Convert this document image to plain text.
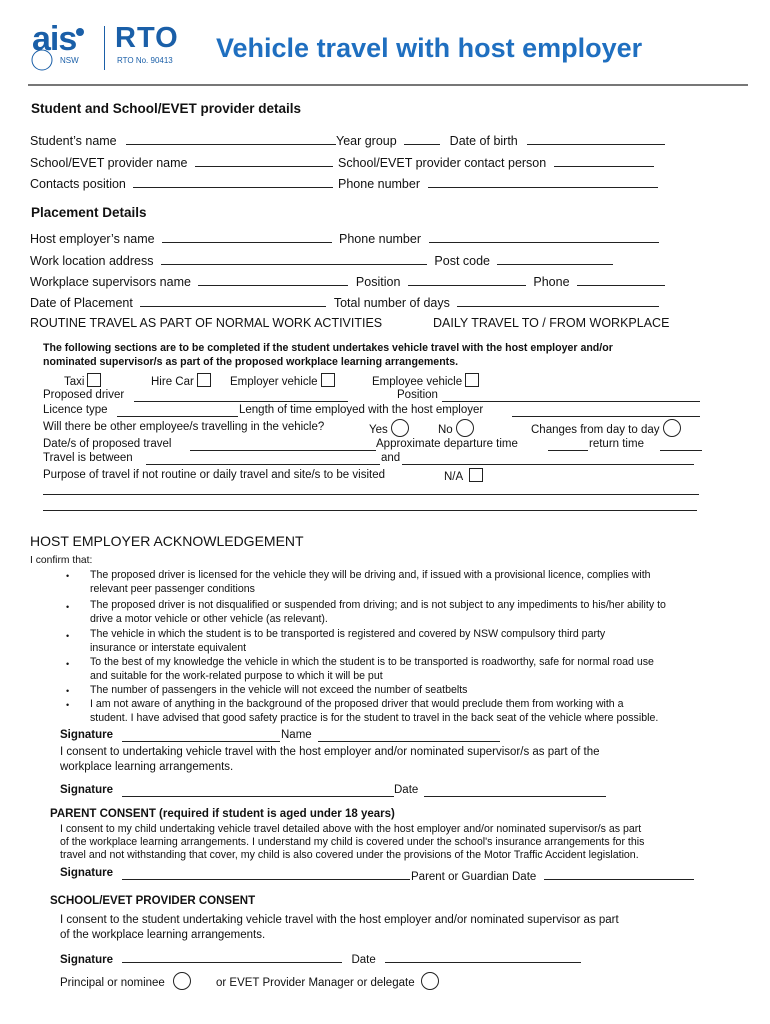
ais
NSW
RTO
RTO No. 90413 Vehicle travel with host employer
Student and School/EVET provider details
Student’s name	Year group	Date of birth
School/EVET provider name	School/EVET provider contact person
Contacts position	Phone number
Placement Details
Host employer’s name	Phone number
Work location address	Post code
Workplace supervisors name	Position	Phone
Date of Placement	Total number of days
ROUTINE TRAVEL AS PART OF NORMAL WORK ACTIVITIES	DAILY TRAVEL TO / FROM WORKPLACE
The following sections are to be completed if the student undertakes vehicle travel with the host employer and/or
nominated supervisor/s as part of the proposed workplace learning arrangements.
Taxi	Hire Car	Employer vehicle	Employee vehicle
Proposed driver	Position
Licence type	Length of time employed with the host employer
Will there be other employee/s travelling in the vehicle?	Yes	No	Changes from day to day
Date/s of proposed travel	Approximate departure time	return time
Travel is between	and
Purpose of travel if not routine or daily travel and site/s to be visited	N/A
HOST EMPLOYER ACKNOWLEDGEMENT
I confirm that:
• The proposed driver is licensed for the vehicle they will be driving and, if issued with a provisional licence, complies with
relevant peer passenger conditions
• The proposed driver is not disqualified or suspended from driving; and is not subject to any impediments to his/her ability to
drive a motor vehicle or other vehicle (as relevant).
• The vehicle in which the student is to be transported is registered and covered by NSW compulsory third party
insurance or interstate equivalent
• To the best of my knowledge the vehicle in which the student is to be transported is roadworthy, safe for normal road use
and suitable for the work-related purpose to which it will be put
• The number of passengers in the vehicle will not exceed the number of seatbelts
• I am not aware of anything in the background of the proposed driver that would preclude them from working with a
student. I have advised that good safety practice is for the student to travel in the back seat of the vehicle where possible.
Signature	Name
I consent to undertaking vehicle travel with the host employer and/or nominated supervisor/s as part of the
workplace learning arrangements.
Signature	Date
PARENT CONSENT (required if student is aged under 18 years)
I consent to my child undertaking vehicle travel detailed above with the host employer and/or nominated supervisor/s as part
of the workplace learning arrangements. I understand my child is covered under the school's insurance arrangements for this
travel and not withstanding that cover, my child is also covered under the provisions of the Motor Traffic Accident legislation.
Signature	Parent or Guardian Date
SCHOOL/EVET PROVIDER CONSENT
I consent to the student undertaking vehicle travel with the host employer and/or nominated supervisor as part
of the workplace learning arrangements.
Signature	Date
Principal or nominee	or EVET Provider Manager or delegate
